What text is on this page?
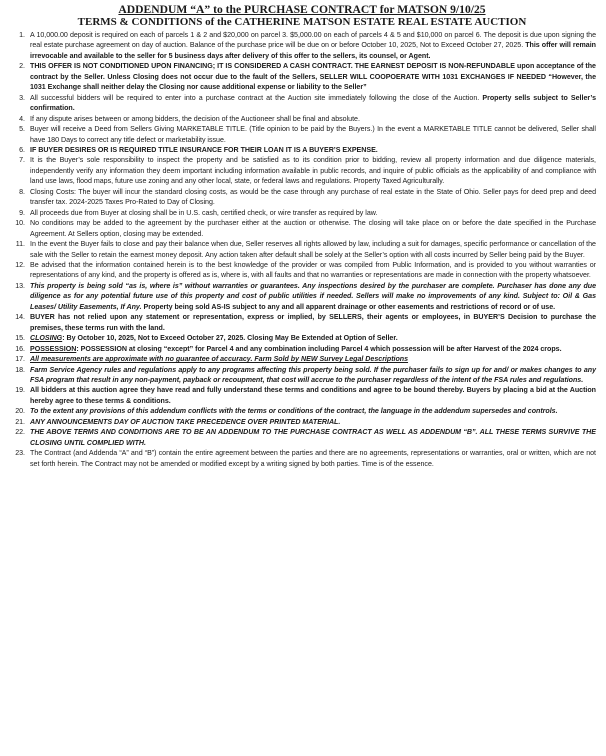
ADDENDUM “A” to the PURCHASE CONTRACT for MATSON 9/10/25
TERMS & CONDITIONS of the CATHERINE MATSON ESTATE REAL ESTATE AUCTION
1. A 10,000.00 deposit is required on each of parcels 1 & 2 and $20,000 on parcel 3. $5,000.00 on each of parcels 4 & 5 and $10,000 on parcel 6. The deposit is due upon signing the real estate purchase agreement on day of auction. Balance of the purchase price will be due on or before October 10, 2025, Not to Exceed October 27, 2025. This offer will remain irrevocable and available to the seller for 5 business days after delivery of this offer to the sellers, its counsel, or Agent.
2. THIS OFFER IS NOT CONDITIONED UPON FINANCING; IT IS CONSIDERED A CASH CONTRACT. THE EARNEST DEPOSIT IS NON-REFUNDABLE upon acceptance of the contract by the Seller. Unless Closing does not occur due to the fault of the Sellers, SELLER WILL COOPOERATE WITH 1031 EXCHANGES IF NEEDED “However, the 1031 Exchange shall neither delay the Closing nor cause additional expense or liability to the Seller”
3. All successful bidders will be required to enter into a purchase contract at the Auction site immediately following the close of the Auction. Property sells subject to Seller’s confirmation.
4. If any dispute arises between or among bidders, the decision of the Auctioneer shall be final and absolute.
5. Buyer will receive a Deed from Sellers Giving MARKETABLE TITLE. (Title opinion to be paid by the Buyers.) In the event a MARKETABLE TITLE cannot be delivered, Seller shall have 180 Days to correct any title defect or marketability issue.
6. IF BUYER DESIRES OR IS REQUIRED TITLE INSURANCE FOR THEIR LOAN IT IS A BUYER’S EXPENSE.
7. It is the Buyer’s sole responsibility to inspect the property and be satisfied as to its condition prior to bidding, review all property information and due diligence materials, independently verify any information they deem important including information available in public records, and inquire of public officials as the applicability of and compliance with land use laws, flood maps, future use zoning and any other local, state, or federal laws and regulations. Property Taxed Agriculturally.
8. Closing Costs: The buyer will incur the standard closing costs, as would be the case through any purchase of real estate in the State of Ohio. Seller pays for deed prep and deed transfer tax. 2024-2025 Taxes Pro-Rated to Day of Closing.
9. All proceeds due from Buyer at closing shall be in U.S. cash, certified check, or wire transfer as required by law.
10. No conditions may be added to the agreement by the purchaser either at the auction or otherwise. The closing will take place on or before the date specified in the Purchase Agreement. At Sellers option, closing may be extended.
11. In the event the Buyer fails to close and pay their balance when due, Seller reserves all rights allowed by law, including a suit for damages, specific performance or cancellation of the sale with the Seller to retain the earnest money deposit. Any action taken after default shall be solely at the Seller’s option with all costs incurred by Seller being paid by the Buyer.
12. Be advised that the information contained herein is to the best knowledge of the provider or was compiled from Public Information, and is provided to you without warranties or representations of any kind, and the property is offered as is, where is, with all faults and that no warranties or representations are made in connection with the property whatsoever.
13. This property is being sold “as is, where is” without warranties or guarantees. Any inspections desired by the purchaser are complete. Purchaser has done any due diligence as for any potential future use of this property and cost of public utilities if needed. Sellers will make no improvements of any kind. Subject to: Oil & Gas Leases/ Utility Easements, If Any. Property being sold AS-IS subject to any and all apparent drainage or other easements and restrictions of record or of use.
14. BUYER has not relied upon any statement or representation, express or implied, by SELLERS, their agents or employees, in BUYER’S Decision to purchase the premises, these terms run with the land.
15. CLOSING: By October 10, 2025, Not to Exceed October 27, 2025. Closing May Be Extended at Option of Seller.
16. POSSESSION: POSSESSION at closing “except” for Parcel 4 and any combination including Parcel 4 which possession will be after Harvest of the 2024 crops.
17. All measurements are approximate with no guarantee of accuracy. Farm Sold by NEW Survey Legal Descriptions
18. Farm Service Agency rules and regulations apply to any programs affecting this property being sold. If the purchaser fails to sign up for and/ or makes changes to any FSA program that result in any non-payment, payback or recoupment, that cost will accrue to the purchaser regardless of the intent of the FSA rules and regulations.
19. All bidders at this auction agree they have read and fully understand these terms and conditions and agree to be bound thereby. Buyers by placing a bid at the Auction hereby agree to these terms & conditions.
20. To the extent any provisions of this addendum conflicts with the terms or conditions of the contract, the language in the addendum supersedes and controls.
21. ANY ANNOUNCEMENTS DAY OF AUCTION TAKE PRECEDENCE OVER PRINTED MATERIAL.
22. THE ABOVE TERMS AND CONDITIONS ARE TO BE AN ADDENDUM TO THE PURCHASE CONTRACT AS WELL AS ADDENDUM “B”. ALL THESE TERMS SURVIVE THE CLOSING UNTIL COMPLIED WITH.
23. The Contract (and Addenda “A” and “B”) contain the entire agreement between the parties and there are no agreements, representations or warranties, oral or written, which are not set forth herein. The Contract may not be amended or modified except by a writing signed by both parties. Time is of the essence.
